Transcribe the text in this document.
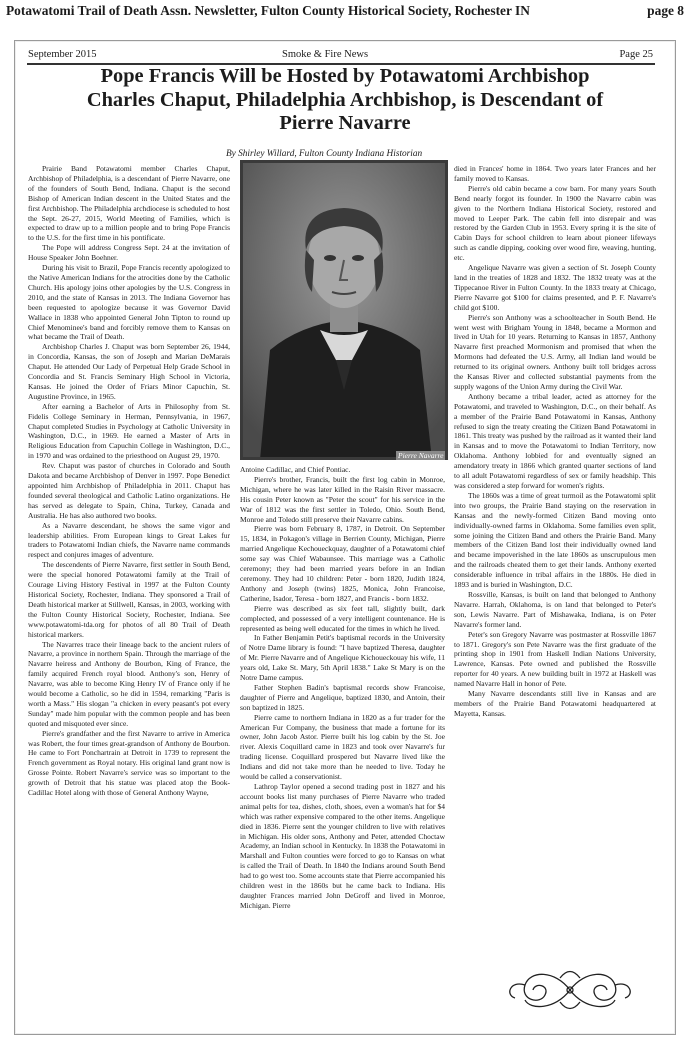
Potawatomi Trail of Death Assn. Newsletter, Fulton County Historical Society, Rochester IN	page 8
September 2015	Smoke & Fire News	Page 25
Pope Francis Will be Hosted by Potawatomi Archbishop
Charles Chaput, Philadelphia Archbishop, is Descendant of
Pierre Navarre
By Shirley Willard, Fulton County Indiana Historian
Pierre Navarre

Prairie Band Potawatomi member Charles Chaput, Archbishop of Philadelphia, is a descendant of Pierre Navarre, one of the founders of South Bend, Indiana. Chaput is the second Bishop of American Indian descent in the United States and the first Archbishop. The Philadelphia archdiocese is scheduled to host the Sept. 26-27, 2015, World Meeting of Families, which is expected to draw up to a million people and to bring Pope Francis to the U.S. for the first time in his pontificate.

The Pope will address Congress Sept. 24 at the invitation of House Speaker John Boehner.

During his visit to Brazil, Pope Francis recently apologized to the Native American Indians for the atrocities done by the Catholic Church. His apology joins other apologies by the U.S. Congress in 2010, and the state of Kansas in 2013. The Indiana Governor has been requested to apologize because it was Governor David Wallace in 1838 who appointed General John Tipton to round up Chief Menominee's band and forcibly remove them to Kansas on what became the Trail of Death.

Archbishop Charles J. Chaput was born September 26, 1944, in Concordia, Kansas, the son of Joseph and Marian DeMarais Chaput. He attended Our Lady of Perpetual Help Grade School in Concordia and St. Francis Seminary High School in Victoria, Kansas. He joined the Order of Friars Minor Capuchin, St. Augustine Province, in 1965.

After earning a Bachelor of Arts in Philosophy from St. Fidelis College Seminary in Herman, Pennsylvania, in 1967, Chaput completed Studies in Psychology at Catholic University in Washington, D.C., in 1969. He earned a Master of Arts in Religious Education from Capuchin College in Washington, D.C., in 1970 and was ordained to the priesthood on August 29, 1970.

Rev. Chaput was pastor of churches in Colorado and South Dakota and became Archbishop of Denver in 1997. Pope Benedict appointed him Archbishop of Philadelphia in 2011. Chaput has founded several theological and Catholic Latino organizations. He has served as delegate to Spain, China, Turkey, Canada and Australia. He has also authored two books.

As a Navarre descendant, he shows the same vigor and leadership abilities. From European kings to Great Lakes fur traders to Potawatomi Indian chiefs, the Navarre name commands respect and conjures images of adventure.

The descendents of Pierre Navarre, first settler in South Bend, were the special honored Potawatomi family at the Trail of Courage Living History Festival in 1997 at the Fulton County Historical Society, Rochester, Indiana. They sponsored a Trail of Death historical marker at Stillwell, Kansas, in 2003, working with the Fulton County Historical Society, Rochester, Indiana. See www.potawatomi-tda.org for photos of all 80 Trail of Death historical markers.

The Navarres trace their lineage back to the ancient rulers of Navarre, a province in northern Spain. Through the marriage of the Navarre heiress and Anthony de Bourbon, King of France, the family acquired French royal blood. Anthony's son, Henry of Navarre, was able to become King Henry IV of France only if he would become a Catholic, so he did in 1594, remarking "Paris is worth a Mass." His slogan "a chicken in every peasant's pot every Sunday" made him popular with the common people and has been quoted and misquoted ever since.

Pierre's grandfather and the first Navarre to arrive in America was Robert, the four times great-grandson of Anthony de Bourbon. He came to Fort Ponchartrain at Detroit in 1739 to represent the French government as Royal notary. His original land grant now is Grosse Pointe. Robert Navarre's service was so important to the growth of Detroit that his statue was placed atop the Book- Cadillac Hotel along with those of General Anthony Wayne,

Antoine Cadillac, and Chief Pontiac.

Pierre's brother, Francis, built the first log cabin in Monroe, Michigan, where he was later killed in the Raisin River massacre. His cousin Peter known as "Peter the scout" for his service in the War of 1812 was the first settler in Toledo, Ohio. South Bend, Monroe and Toledo still preserve their Navarre cabins.

Pierre was born February 8, 1787, in Detroit. On September 15, 1834, in Pokagon's village in Berrien County, Michigan, Pierre married Angelique Kechoueckquay, daughter of a Potawatomi chief some say was Chief Wabaunsee. This marriage was a Catholic ceremony; they had been married years before in an Indian ceremony. They had 10 children: Peter - born 1820, Judith 1824, Anthony and Joseph (twins) 1825, Monica, John Francoise, Catherine, Isador, Teresa - born 1827, and Francis - born 1832.

Pierre was described as six feet tall, slightly built, dark complected, and possessed of a very intelligent countenance. He is represented as being well educated for the times in which he lived.

In Father Benjamin Petit's baptismal records in the University of Notre Dame library is found: "I have baptized Theresa, daughter of Mr. Pierre Navarre and of Angelique Kichoueckouay his wife, 11 years old, Lake St. Mary, 5th April 1838." Lake St Mary is on the Notre Dame campus.

Father Stephen Badin's baptismal records show Francoise, daughter of Pierre and Angelique, baptized 1830, and Antoin, their son baptized in 1825.

Pierre came to northern Indiana in 1820 as a fur trader for the American Fur Company, the business that made a fortune for its owner, John Jacob Astor. Pierre built his log cabin by the St. Joe river. Alexis Coquillard came in 1823 and took over Navarre's fur trading license. Coquillard prospered but Navarre lived like the Indians and did not take more than he needed to live. Today he would be called a conservationist.

Lathrop Taylor opened a second trading post in 1827 and his account books list many purchases of Pierre Navarre who traded animal pelts for tea, dishes, cloth, shoes, even a woman's hat for $4 which was rather expensive compared to the other items. Angelique died in 1836. Pierre sent the younger children to live with relatives in Michigan. His older sons, Anthony and Peter, attended Choctaw Academy, an Indian school in Kentucky. In 1838 the Potawatomi in Marshall and Fulton counties were forced to go to Kansas on what is called the Trail of Death. In 1840 the Indians around South Bend had to go west too. Some accounts state that Pierre accompanied his children west in the 1860s but he came back to Indiana. His daughter Frances married John DeGroff and lived in Monroe, Michigan. Pierre

died in Frances' home in 1864. Two years later Frances and her family moved to Kansas.

Pierre's old cabin became a cow barn. For many years South Bend nearly forgot its founder. In 1900 the Navarre cabin was given to the Northern Indiana Historical Society, restored and moved to Leeper Park. The cabin fell into disrepair and was restored by the Garden Club in 1953. Every spring it is the site of Cabin Days for school children to learn about pioneer lifeways such as candle dipping, cooking over wood fire, weaving, hunting, etc.

Angelique Navarre was given a section of St. Joseph County land in the treaties of 1828 and 1832. The 1832 treaty was at the Tippecanoe River in Fulton County. In the 1833 treaty at Chicago, Pierre Navarre got $100 for claims presented, and P. F. Navarre's child got $100.

Pierre's son Anthony was a schoolteacher in South Bend. He went west with Brigham Young in 1848, became a Mormon and lived in Utah for 10 years. Returning to Kansas in 1857, Anthony Navarre first preached Mormonism and promised that when the Mormons had defeated the U.S. Army, all Indian land would be returned to its original owners. Anthony built toll bridges across the Kansas River and collected substantial payments from the supply wagons of the Union Army during the Civil War.

Anthony became a tribal leader, acted as attorney for the Potawatomi, and traveled to Washington, D.C., on their behalf. As a member of the Prairie Band Potawatomi in Kansas, Anthony refused to sign the treaty creating the Citizen Band Potawatomi in 1861. This treaty was pushed by the railroad as it wanted their land in Kansas and to move the Potawatomi to Indian Territory, now Oklahoma. Anthony lobbied for and eventually signed an amendatory treaty in 1866 which granted quarter sections of land to all adult Potawatomi regardless of sex or family headship. This was considered a step forward for women's rights.

The 1860s was a time of great turmoil as the Potawatomi split into two groups, the Prairie Band staying on the reservation in Kansas and the newly-formed Citizen Band moving onto individually-owned farms in Oklahoma. Some families even split, some joining the Citizen Band and others the Prairie Band. Many members of the Citizen Band lost their individually owned land and became impoverished in the late 1860s as unscrupulous men and the railroads cheated them to get their lands. Anthony exerted considerable influence in tribal affairs in the 1880s. He died in 1893 and is buried in Washington, D.C.

Rossville, Kansas, is built on land that belonged to Anthony Navarre. Harrah, Oklahoma, is on land that belonged to Peter's son, Lewis Navarre. Part of Mishawaka, Indiana, is on Peter Navarre's former land.

Peter's son Gregory Navarre was postmaster at Rossville 1867 to 1871. Gregory's son Pete Navarre was the first graduate of the printing shop in 1901 from Haskell Indian Nations University, Lawrence, Kansas. Pete owned and published the Rossville reporter for 40 years. A new building built in 1972 at Haskell was named Navarre Hall in honor of Pete.

Many Navarre descendants still live in Kansas and are members of the Prairie Band Potawatomi headquartered at Mayetta, Kansas.
